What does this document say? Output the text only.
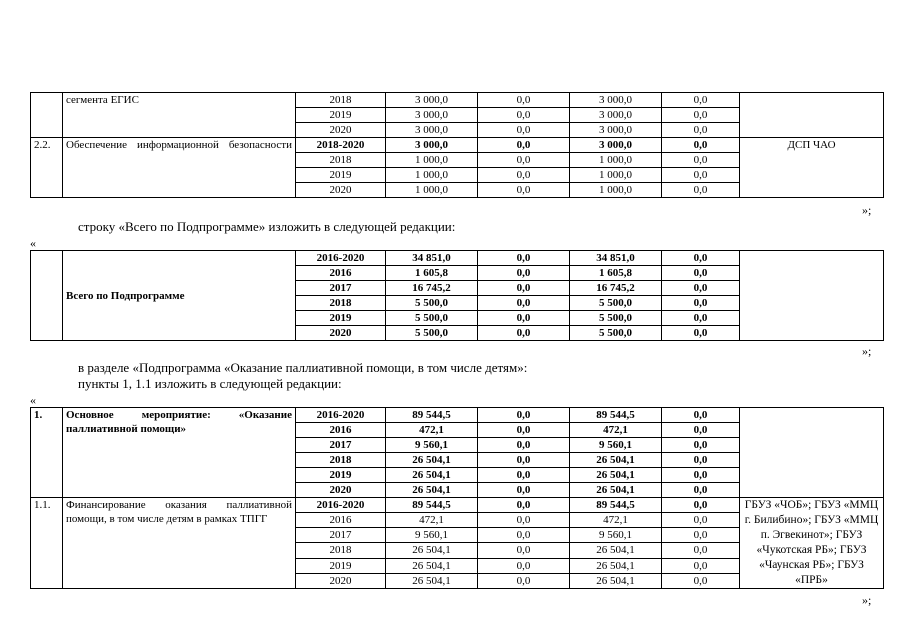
	сегмента ЕГИС	2018	3 000,0	0,0	3 000,0	0,0	
		2019	3 000,0	0,0	3 000,0	0,0	
		2020	3 000,0	0,0	3 000,0	0,0	
2.2.	Обеспечение информационной безопасности	2018-2020	3 000,0	0,0	3 000,0	0,0	ДСП ЧАО
		2018	1 000,0	0,0	1 000,0	0,0	
		2019	1 000,0	0,0	1 000,0	0,0	
		2020	1 000,0	0,0	1 000,0	0,0	
»;
строку «Всего по Подпрограмме» изложить в следующей редакции:
«
	Всего по Подпрограмме	2016-2020	34 851,0	0,0	34 851,0	0,0	
		2016	1 605,8	0,0	1 605,8	0,0	
		2017	16 745,2	0,0	16 745,2	0,0	
		2018	5 500,0	0,0	5 500,0	0,0	
		2019	5 500,0	0,0	5 500,0	0,0	
		2020	5 500,0	0,0	5 500,0	0,0	
»;
в разделе «Подпрограмма «Оказание паллиативной помощи, в том числе детям»:
пункты 1, 1.1 изложить в следующей редакции:
«
1.	Основное мероприятие: «Оказание паллиативной помощи»	2016-2020	89 544,5	0,0	89 544,5	0,0	
		2016	472,1	0,0	472,1	0,0	
		2017	9 560,1	0,0	9 560,1	0,0	
		2018	26 504,1	0,0	26 504,1	0,0	
		2019	26 504,1	0,0	26 504,1	0,0	
		2020	26 504,1	0,0	26 504,1	0,0	
1.1.	Финансирование оказания паллиативной помощи, в том числе детям в рамках ТПГГ	2016-2020	89 544,5	0,0	89 544,5	0,0	ГБУЗ «ЧОБ»; ГБУЗ «ММЦ г. Билибино»; ГБУЗ «ММЦ п. Эгвекинот»; ГБУЗ «Чукотская РБ»; ГБУЗ «Чаунская РБ»; ГБУЗ «ПРБ»
		2016	472,1	0,0	472,1	0,0	
		2017	9 560,1	0,0	9 560,1	0,0	
		2018	26 504,1	0,0	26 504,1	0,0	
		2019	26 504,1	0,0	26 504,1	0,0	
		2020	26 504,1	0,0	26 504,1	0,0	
»;
